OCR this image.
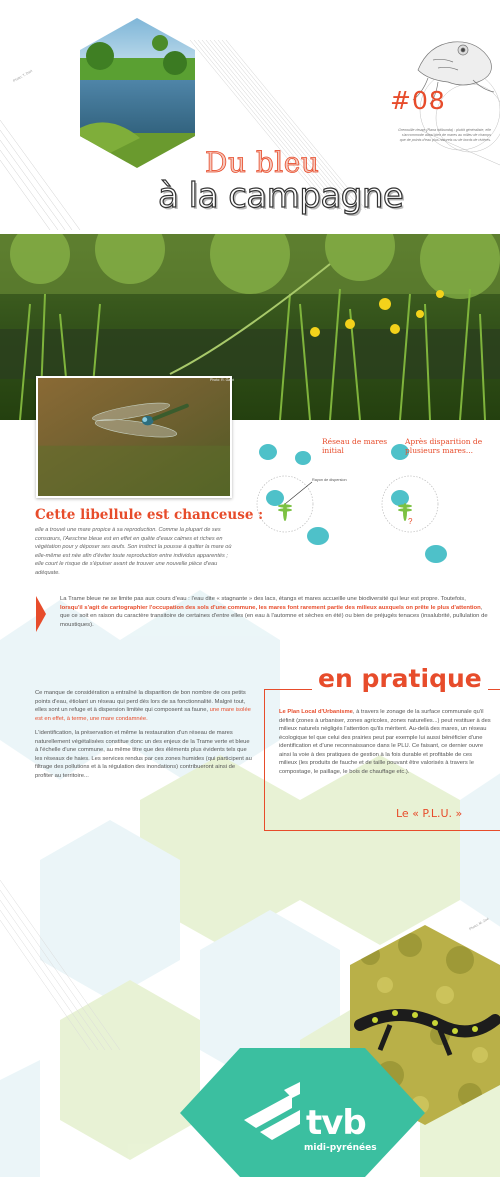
Photo: T. Dart
#08
Grenouille rieuse (Rana ridibunda) : plutôt généraliste, elle s'accommode aussi bien de mares au milieu de champs que de points d'eau plus naturels ou de bords de rivières.
Du bleu
à la campagne
Photo: R. Garbi
?
Réseau de mares initial
Après disparition de plusieurs mares...
Rayon de dispersion
Cette libellule est chanceuse :
elle a trouvé une mare propice à sa reproduction. Comme la plupart de ses consœurs, l'Aeschne bleue est en effet en quête d'eaux calmes et riches en végétation pour y déposer ses œufs. Son instinct la pousse à quitter la mare où elle-même est née afin d'éviter toute reproduction entre individus apparentés ; elle court le risque de s'épuiser avant de trouver une nouvelle pièce d'eau adéquate.
La Trame bleue ne se limite pas aux cours d'eau : l'eau dite « stagnante » des lacs, étangs et mares accueille une biodiversité qui leur est propre. Toutefois, lorsqu'il s'agit de cartographier l'occupation des sols d'une commune, les mares font rarement partie des milieux auxquels on prête le plus d'attention, que ce soit en raison du caractère transitoire de certaines d'entre elles (en eau à l'automne et sèches en été) ou bien de préjugés tenaces (insalubrité, pullulation de moustiques).

Ce manque de considération a entraîné la disparition de bon nombre de ces petits points d'eau, étiolant un réseau qui perd dès lors de sa fonctionnalité. Malgré tout, elles sont un refuge et à dispersion limitée qui composent sa faune, une mare isolée est en effet, à terme, une mare condamnée.

L'identification, la préservation et même la restauration d'un réseau de mares naturellement végétalisées constitue donc un des enjeux de la Trame verte et bleue à l'échelle d'une commune, au même titre que des éléments plus évidents tels que les réseaux de haies. Les services rendus par ces zones humides (qui participent au filtrage des pollutions et à la régulation des inondations) contribueront ainsi de profiter au territoire...

en pratique
Le Plan Local d'Urbanisme, à travers le zonage de la surface communale qu'il définit (zones à urbaniser, zones agricoles, zones naturelles...) peut restituer à des milieux naturels négligés l'attention qu'ils méritent. Au-delà des mares, un réseau écologique tel que celui des prairies peut par exemple lui aussi bénéficier d'une identification et d'une reconnaissance dans le PLU. Ce faisant, ce dernier ouvre ainsi la voie à des pratiques de gestion à la fois durable et profitable de ces milieux (les produits de fauche et de taille pouvant être valorisés à travers le compostage, le paillage, le bois de chauffage etc.).
Le « P.L.U. »
Photo: M. Zoé
tvb
midi-pyrénées
